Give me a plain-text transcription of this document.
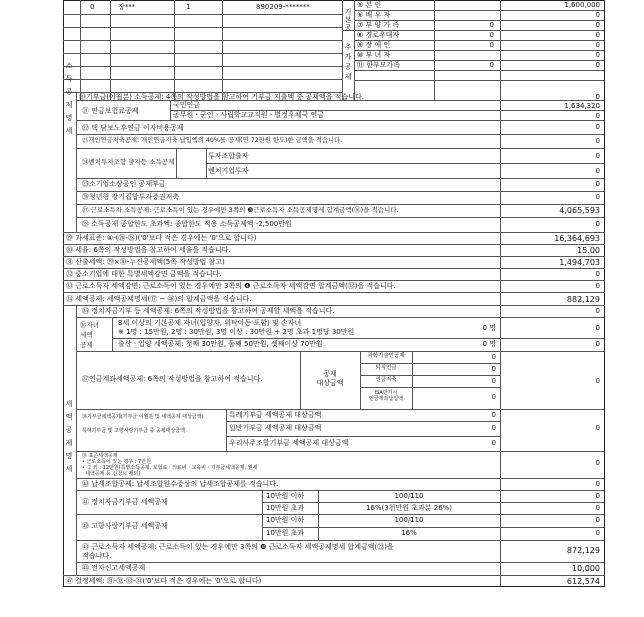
0	장***	1	890209-*******
기
본
공
추
가
공
제
⑤ 본 인	1,600,000
⑥ 배 우 자	0
⑦ 부 양 가 족	0	0
⑧ 경로우대자	0	0
⑨ 장 애 인	0	0
⑩ 부 녀 자	0
⑪ 한부모가족	0	0
소
득
공
제
명
세
⑳기부금(이월분) 소득공제: 4쪽의 작성방법을 참고하여 기부금 지출액 중 공제액을 적습니다.	0
㉑ 연금보험료공제
국민연금	1,634,320
공무원ㆍ군인ㆍ사립학교교직원ㆍ별정우체국 연금	0
㉒ 택 담보노후연금 이자비용공제	0
㉓개인연금저축공제: 개인연금저축 납입액의 40%를 공제(연 72만원 한도)한 금액을 적습니다.	0
㉔벤처투자조합 출자등 소득공제
투자조합출자	0
벤처기업투자	0
㉕소기업소상공인 공제부금	0
㉖청년형 장기집합투자증권저축	0
㉗ 근로소득자 소득공제: 근로소득이 있는 경우에만 3쪽의 ❸근로소득자 소득공제명세 합계금액(⑯)을 적습니다.	4,065,593
㉘ 소득공제 종합한도 초과액: 종합한도 적용 소득공제액 -2,500만원	0
㉙ 과세표준: ④-(㉘-㉘)('0'보다 적은 경우에는 '0'으로 합니다)	16,364,693
㉚ 세율: 6쪽의 작성방법을 참고하여 세율을 적습니다.	15.00
㉛ 산출세액: ㉙×㉚-누진공제액(5쪽 작성방법 참고)	1,494,703
㉜ 중소기업에 대한 특별세액감면 금액을 적습니다.	0
㉝ 근로소득자 세액감면: 근로소득이 있는 경우에만 3쪽의 ❹ 근로소득자 세액감면 합계금액(㉝)을 적습니다.	0
㉞ 세액공제: 세액공제명세(⑰ ~ ㊻)의 합계금액을 적습니다.	882,129
세
액
공
제
명
세
㉟ 정치자금기부 등 세액공제: 6쪽의 작성방법을 참고하여 공제할 세액을 적습니다.	0
㊱자녀
세액
공제
8세 이상의 기본공제 자녀(입양자, 위탁아동 포함) 및 손자녀
※ 1명 : 15만원, 2명 : 30만원, 3명 이상 : 30만원 + 2명 초과 1명당 30만원	0 명	0
출산ㆍ입양 세액공제: 첫째 30만원, 둘째 50만원, 셋째이상 70만원	0 명	0
㊲연금계좌세액공제: 6쪽의 작성방법을 참고하여 적습니다.
공제
대상금액
과학기술인공제	0
퇴직연금	0
연금저축	0
ISA만기시
연금계좌납입액	0
0
㊳기부금세액공제(기부금 이월분 및 세액공제 대상금액)
특례기부금 및 고향사랑기부금 중 공제대상금액
특례기부금 세액공제 대상금액	0
일반기부금 세액공제 대상금액	0
우리사주조합기부금 세액공제 대상금액	0
0
㊴ 표준세액공제
• 근로소득이 있는 경우 : 7만원
• 그 외 : 12만원(특별소득공제, 보험료ㆍ의료비ㆍ교육비ㆍ기부금세액공제, 월세
세액공제 등 신청시 제외)
0
㊵ 납세조합공제: 납세조합원수증상의 납세조합공제를 적습니다.	0
㊶ 정치자금기부금 세액공제
10만원 이하	100/110	0
10만원 초과	16%(3천만원 초과분 26%)	0
㊷ 고향사랑기부금 세액공제
10만원 이하	100/110	0
10만원 초과	16%	0
㊸ 근로소득자 세액공제: 근로소득이 있는 경우에만 3쪽의 ❿ 근로소득자 세액공제명세 합계금액(㉒)을
적습니다.
872,129
㊹ 전자신고세액공제	10,000
㊼ 결정세액: ㉛-㉜-㉝-㉞('0'보다 적은 경우에는 '0'으로 합니다)	612,574
